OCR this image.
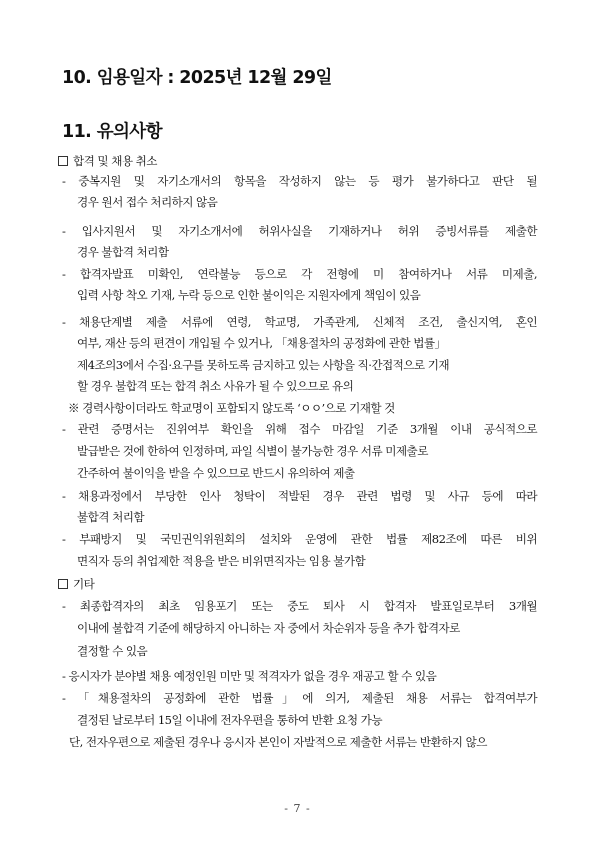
10. 임용일자 : 2025년 12월 29일
11. 유의사항
합격 및 채용 취소
- 중복지원 및 자기소개서의 항목을 작성하지 않는 등 평가 불가하다고 판단 될
경우 원서 접수 처리하지 않음
- 입사지원서 및 자기소개서에 허위사실을 기재하거나 허위 증빙서류를 제출한
경우 불합격 처리함
- 합격자발표 미확인, 연락불능 등으로 각 전형에 미 참여하거나 서류 미제출,
입력 사항 착오 기재, 누락 등으로 인한 불이익은 지원자에게 책임이 있음
- 채용단계별 제출 서류에 연령, 학교명, 가족관계, 신체적 조건, 출신지역, 혼인
여부, 재산 등의 편견이 개입될 수 있거나, 「채용절차의 공정화에 관한 법률」
제4조의3에서 수집·요구를 못하도록 금지하고 있는 사항을 직·간접적으로 기재
할 경우 불합격 또는 합격 취소 사유가 될 수 있으므로 유의
※ 경력사항이더라도 학교명이 포함되지 않도록 ‘ㅇㅇ’으로 기재할 것
- 관련 증명서는 진위여부 확인을 위해 접수 마감일 기준 3개월 이내 공식적으로
발급받은 것에 한하여 인정하며, 파일 식별이 불가능한 경우 서류 미제출로
간주하여 불이익을 받을 수 있으므로 반드시 유의하여 제출
- 채용과정에서 부당한 인사 청탁이 적발된 경우 관련 법령 및 사규 등에 따라
불합격 처리함
- 부패방지 및 국민권익위원회의 설치와 운영에 관한 법률 제82조에 따른 비위
면직자 등의 취업제한 적용을 받은 비위면직자는 임용 불가함
기타
- 최종합격자의 최초 임용포기 또는 중도 퇴사 시 합격자 발표일로부터 3개월
이내에 불합격 기준에 해당하지 아니하는 자 중에서 차순위자 등을 추가 합격자로
결정할 수 있음
- 응시자가 분야별 채용 예정인원 미만 및 적격자가 없을 경우 재공고 할 수 있음
- 「채용절차의 공정화에 관한 법률」에 의거, 제출된 채용 서류는 합격여부가
결정된 날로부터 15일 이내에 전자우편을 통하여 반환 요청 가능
단, 전자우편으로 제출된 경우나 응시자 본인이 자발적으로 제출한 서류는 반환하지 않으
- 7 -
